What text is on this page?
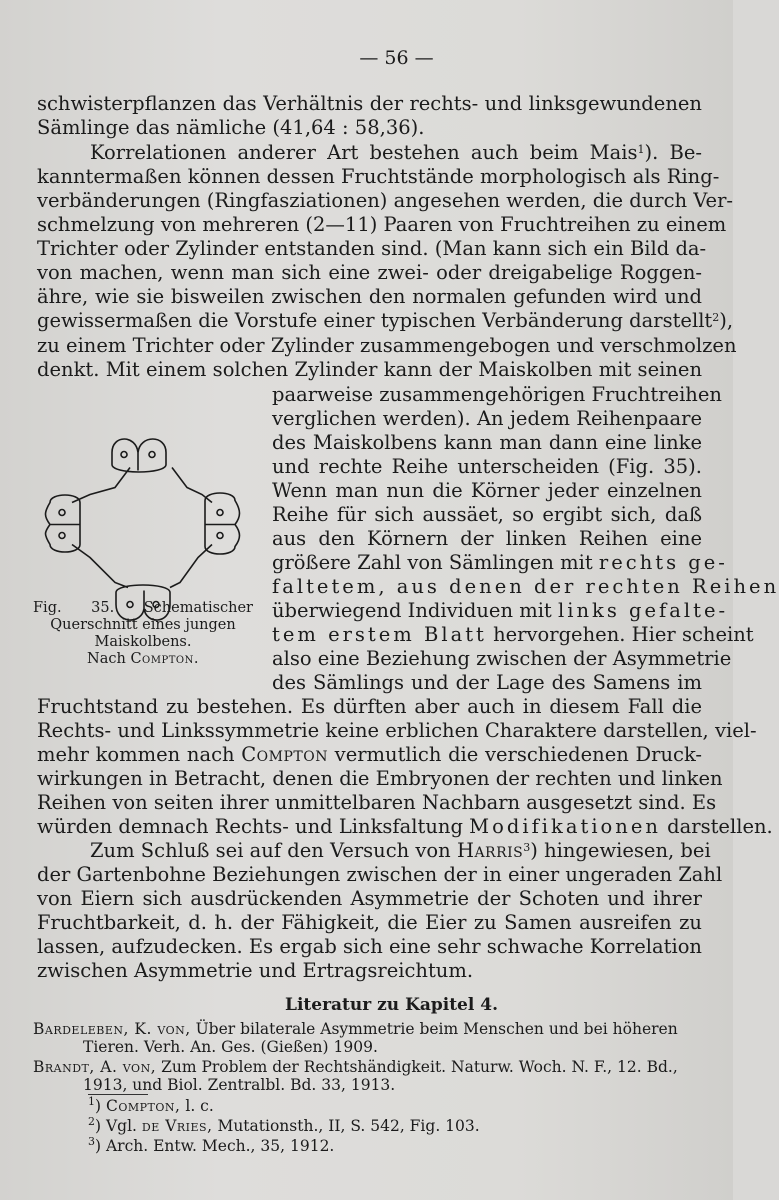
— 56 —
schwisterpflanzen das Verhältnis der rechts- und linksgewundenen
Sämlinge das nämliche (41,64 : 58,36).
Korrelationen anderer Art bestehen auch beim Mais$^1$). Be-
kanntermaßen können dessen Fruchtstände morphologisch als Ring-
verbänderungen (Ringfasziationen) angesehen werden, die durch Ver-
schmelzung von mehreren (2—11) Paaren von Fruchtreihen zu einem
Trichter oder Zylinder entstanden sind. (Man kann sich ein Bild da-
von machen, wenn man sich eine zwei- oder dreigabelige Roggen-
ähre, wie sie bisweilen zwischen den normalen gefunden wird und
gewissermaßen die Vorstufe einer typischen Verbänderung darstellt$^2$),
zu einem Trichter oder Zylinder zusammengebogen und verschmolzen
denkt. Mit einem solchen Zylinder kann der Maiskolben mit seinen
paarweise zusammengehörigen Fruchtreihen
verglichen werden). An jedem Reihenpaare
des Maiskolbens kann man dann eine linke
und rechte Reihe unterscheiden (Fig. 35).
Wenn man nun die Körner jeder einzelnen
Reihe für sich aussäet, so ergibt sich, daß
aus den Körnern der linken Reihen eine
größere Zahl von Sämlingen mit rechts ge-
faltetem, aus denen der rechten Reihen
überwiegend Individuen mit links gefalte-
tem erstem Blatt hervorgehen. Hier scheint
also eine Beziehung zwischen der Asymmetrie
des Sämlings und der Lage des Samens im
Fruchtstand zu bestehen. Es dürften aber auch in diesem Fall die
Rechts- und Linkssymmetrie keine erblichen Charaktere darstellen, viel-
mehr kommen nach Compton vermutlich die verschiedenen Druck-
wirkungen in Betracht, denen die Embryonen der rechten und linken
Reihen von seiten ihrer unmittelbaren Nachbarn ausgesetzt sind. Es
würden demnach Rechts- und Linksfaltung Modifikationen darstellen.
Zum Schluß sei auf den Versuch von Harris$^3$) hingewiesen, bei
der Gartenbohne Beziehungen zwischen der in einer ungeraden Zahl
von Eiern sich ausdrückenden Asymmetrie der Schoten und ihrer
Fruchtbarkeit, d. h. der Fähigkeit, die Eier zu Samen ausreifen zu
lassen, aufzudecken. Es ergab sich eine sehr schwache Korrelation
zwischen Asymmetrie und Ertragsreichtum.
Fig. 35. Schematischer
Querschnitt eines jungen
Maiskolbens.
Nach Compton.
Literatur zu Kapitel 4.
Bardeleben, K. von, Über bilaterale Asymmetrie beim Menschen und bei höheren
Tieren. Verh. An. Ges. (Gießen) 1909.
Brandt, A. von, Zum Problem der Rechtshändigkeit. Naturw. Woch. N. F., 12. Bd.,
1913, und Biol. Zentralbl. Bd. 33, 1913.
$^1$) Compton, l. c.
$^2$) Vgl. de Vries, Mutationsth., II, S. 542, Fig. 103.
$^3$) Arch. Entw. Mech., 35, 1912.
